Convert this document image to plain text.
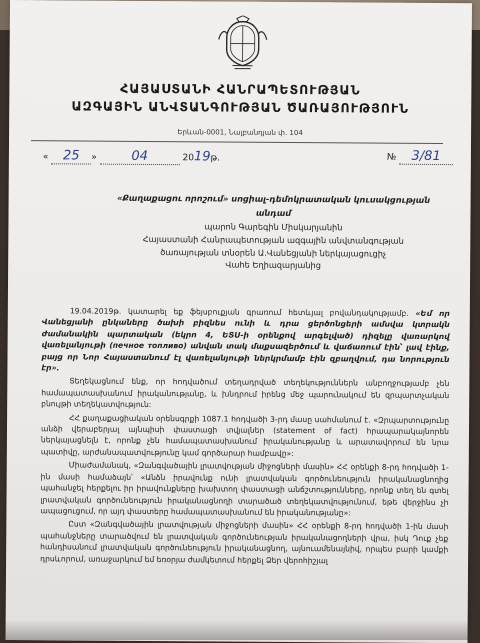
ՀԱՅԱՍՏԱՆԻ ՀԱՆՐԱՊԵՏՈՒԹՅԱՆ
ԱԶԳԱՅԻՆ ԱՆՎՏԱՆԳՈՒԹՅԱՆ ԾԱՌԱՅՈՒԹՅՈՒՆ
Երևան-0001, Նալբանդյան փ. 104
« 25 »	04	2019թ.	№ 3/81
«Քաղաքացու որոշում» սոցիալ-դեմոկրատական կուսակցության անդամ
պարոն Գարեգին Միսկարյանին
Հայաստանի Հանրապետության ազգային անվտանգության
ծառայության տնօրեն Ա.Վանեցյանի ներկայացուցիչ
Վաhե Եղիազարյանից

19.04.2019թ. կատարել եք ֆեյսբուքյան գրառում հետևյալ բովանդակությամբ. «Եմ որ Վանեցյանի ընկաները ծախի բիզնես ունի և դրա ցերծոնցերի ամսվա կտրակն ժամանակին պարտական (եկրո 4, ԵՏՍ-ի օրենքով արգելված) դիզելը վառարկով վառելանյութի (печное топливо) անվան տակ մաքսազերծում և վաճառում էին՝ լավ էինք, բայց որ Նոր Հայաստանում էլ վառելանյութի ներկրմամբ էին զբաղվում, դա նորություն էր».

Տեղեկացնում ենք, որ հոդվածում տեղադրված տեղեկություններն անբողջությամբ չեն համապատասխանում իրականությանը, և խնդրում իրենց մեջ պարունակում են զրպարտչական բնույթի տեղեկատվություն:

ՀՀ քաղաքացիական օրենսգրքի 1087.1 հոդվածի 3-րդ մասը սահմանում է. «Զրպարտությունը անձի վերաբերյալ այնպիսի փաստացի տվյալներ (statement of fact) հրապարակայնորեն ներկայացնելն է, որոնք չեն համապատասխանում իրականությանը և արատավորում են նրա պատիվը, արժանապատվությունը կամ գործարար համբավը»:

Միաժամանակ, «Զանգվածային լրատվության միջոցների մասին» ՀՀ օրենքի 8-րդ հոդվածի 1-ին մասի համաձայն՝ «Անձն իրավունք ունի լրատվական գործունեություն իրականացնողից պահանջել հերքելու իր իրավունքները խախտող փաստացի անճշտությունները, որոնք տեղ են գտել լրատվական գործունեություն իրականացնողի տարածած տեղեկատվությունում, եթե վերջինս չի ապացուցում, որ այդ փաստերը համապատասխանում են իրականությանը»:

Ըստ «Զանգվածային լրատվության միջոցների մասին» ՀՀ օրենքի 8-րդ հոդվածի 1-ին մասի պահանջները տարածվում են լրատվական գործունեության իրականացողների վրա, իսկ Դուք չեք հանդիսանում լրատվական գործունեություն իրականացնող, այնուամենայնիվ, որպես բարի կամքի դրսևորում, առաջարկում եմ եռօրյա ժամկետում հերքել Ձեր վերոհիշյալ
